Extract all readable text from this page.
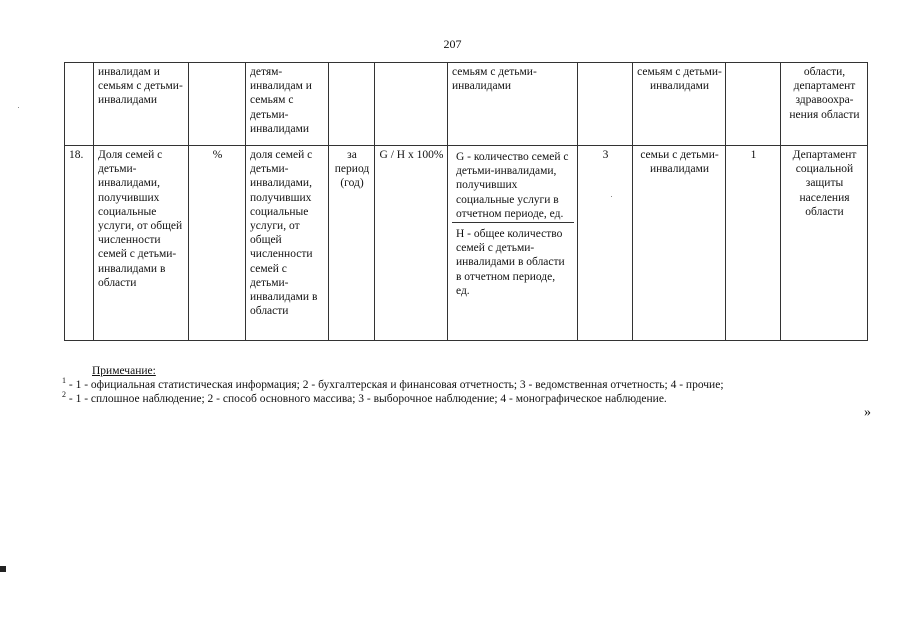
207
	инвалидам и семьям с детьми-инвалидами		детям-инвалидам и семьям с детьми-инвалидами			семьям с детьми-инвалидами		семьям с детьми-инвалидами		области, департамент здравоохра-нения области
18.	Доля семей с детьми-инвалидами, получивших социальные услуги, от общей численности семей с детьми-инвалидами в области	%	доля семей с детьми-инвалидами, получивших социальные услуги, от общей численности семей с детьми-инвалидами в области	за период (год)	G / H x 100%	G - количество семей с детьми-инвалидами, получивших социальные услуги в отчетном периоде, ед.
H - общее количество семей с детьми-инвалидами в области в отчетном периоде, ед.	3	семьи с детьми-инвалидами	1	Департамент социальной защиты населения области
Примечание:
$^1$ - 1 - официальная статистическая информация; 2 - бухгалтерская и финансовая отчетность; 3 - ведомственная отчетность; 4 - прочие;
$^2$ - 1 - сплошное наблюдение; 2 - способ основного массива; 3 - выборочное наблюдение; 4 - монографическое наблюдение.
»
